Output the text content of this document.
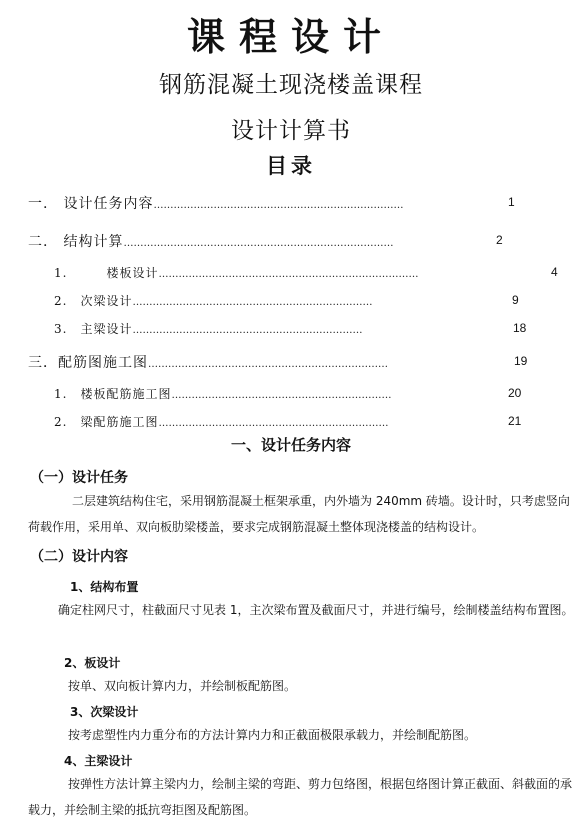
课程设计
钢筋混凝土现浇楼盖课程
设计计算书
目录
一.　设计任务内容…………………………………………………………………	1
二.　结构计算………………………………………………………………………	2
1.　　　楼板设计……………………………………………………………………	4
2.　次梁设计………………………………………………………………	9
3.　主梁设计……………………………………………………………	18
三．配筋图施工图………………………………………………………………	19
1.　楼板配筋施工图…………………………………………………………	20
2.　梁配筋施工图……………………………………………………………	21
一、设计任务内容
（一）设计任务
二层建筑结构住宅，采用钢筋混凝土框架承重，内外墙为 240mm 砖墙。设计时，只考虑竖向荷载作用，采用单、双向板肋梁楼盖，要求完成钢筋混凝土整体现浇楼盖的结构设计。
（二）设计内容
1、结构布置
确定柱网尺寸，柱截面尺寸见表 1，主次梁布置及截面尺寸，并进行编号，绘制楼盖结构布置图。
2、板设计
按单、双向板计算内力，并绘制板配筋图。
3、次梁设计
按考虑塑性内力重分布的方法计算内力和正截面极限承载力，并绘制配筋图。
4、主梁设计
按弹性方法计算主梁内力，绘制主梁的弯距、剪力包络图，根据包络图计算正截面、斜截面的承载力，并绘制主梁的抵抗弯拒图及配筋图。
